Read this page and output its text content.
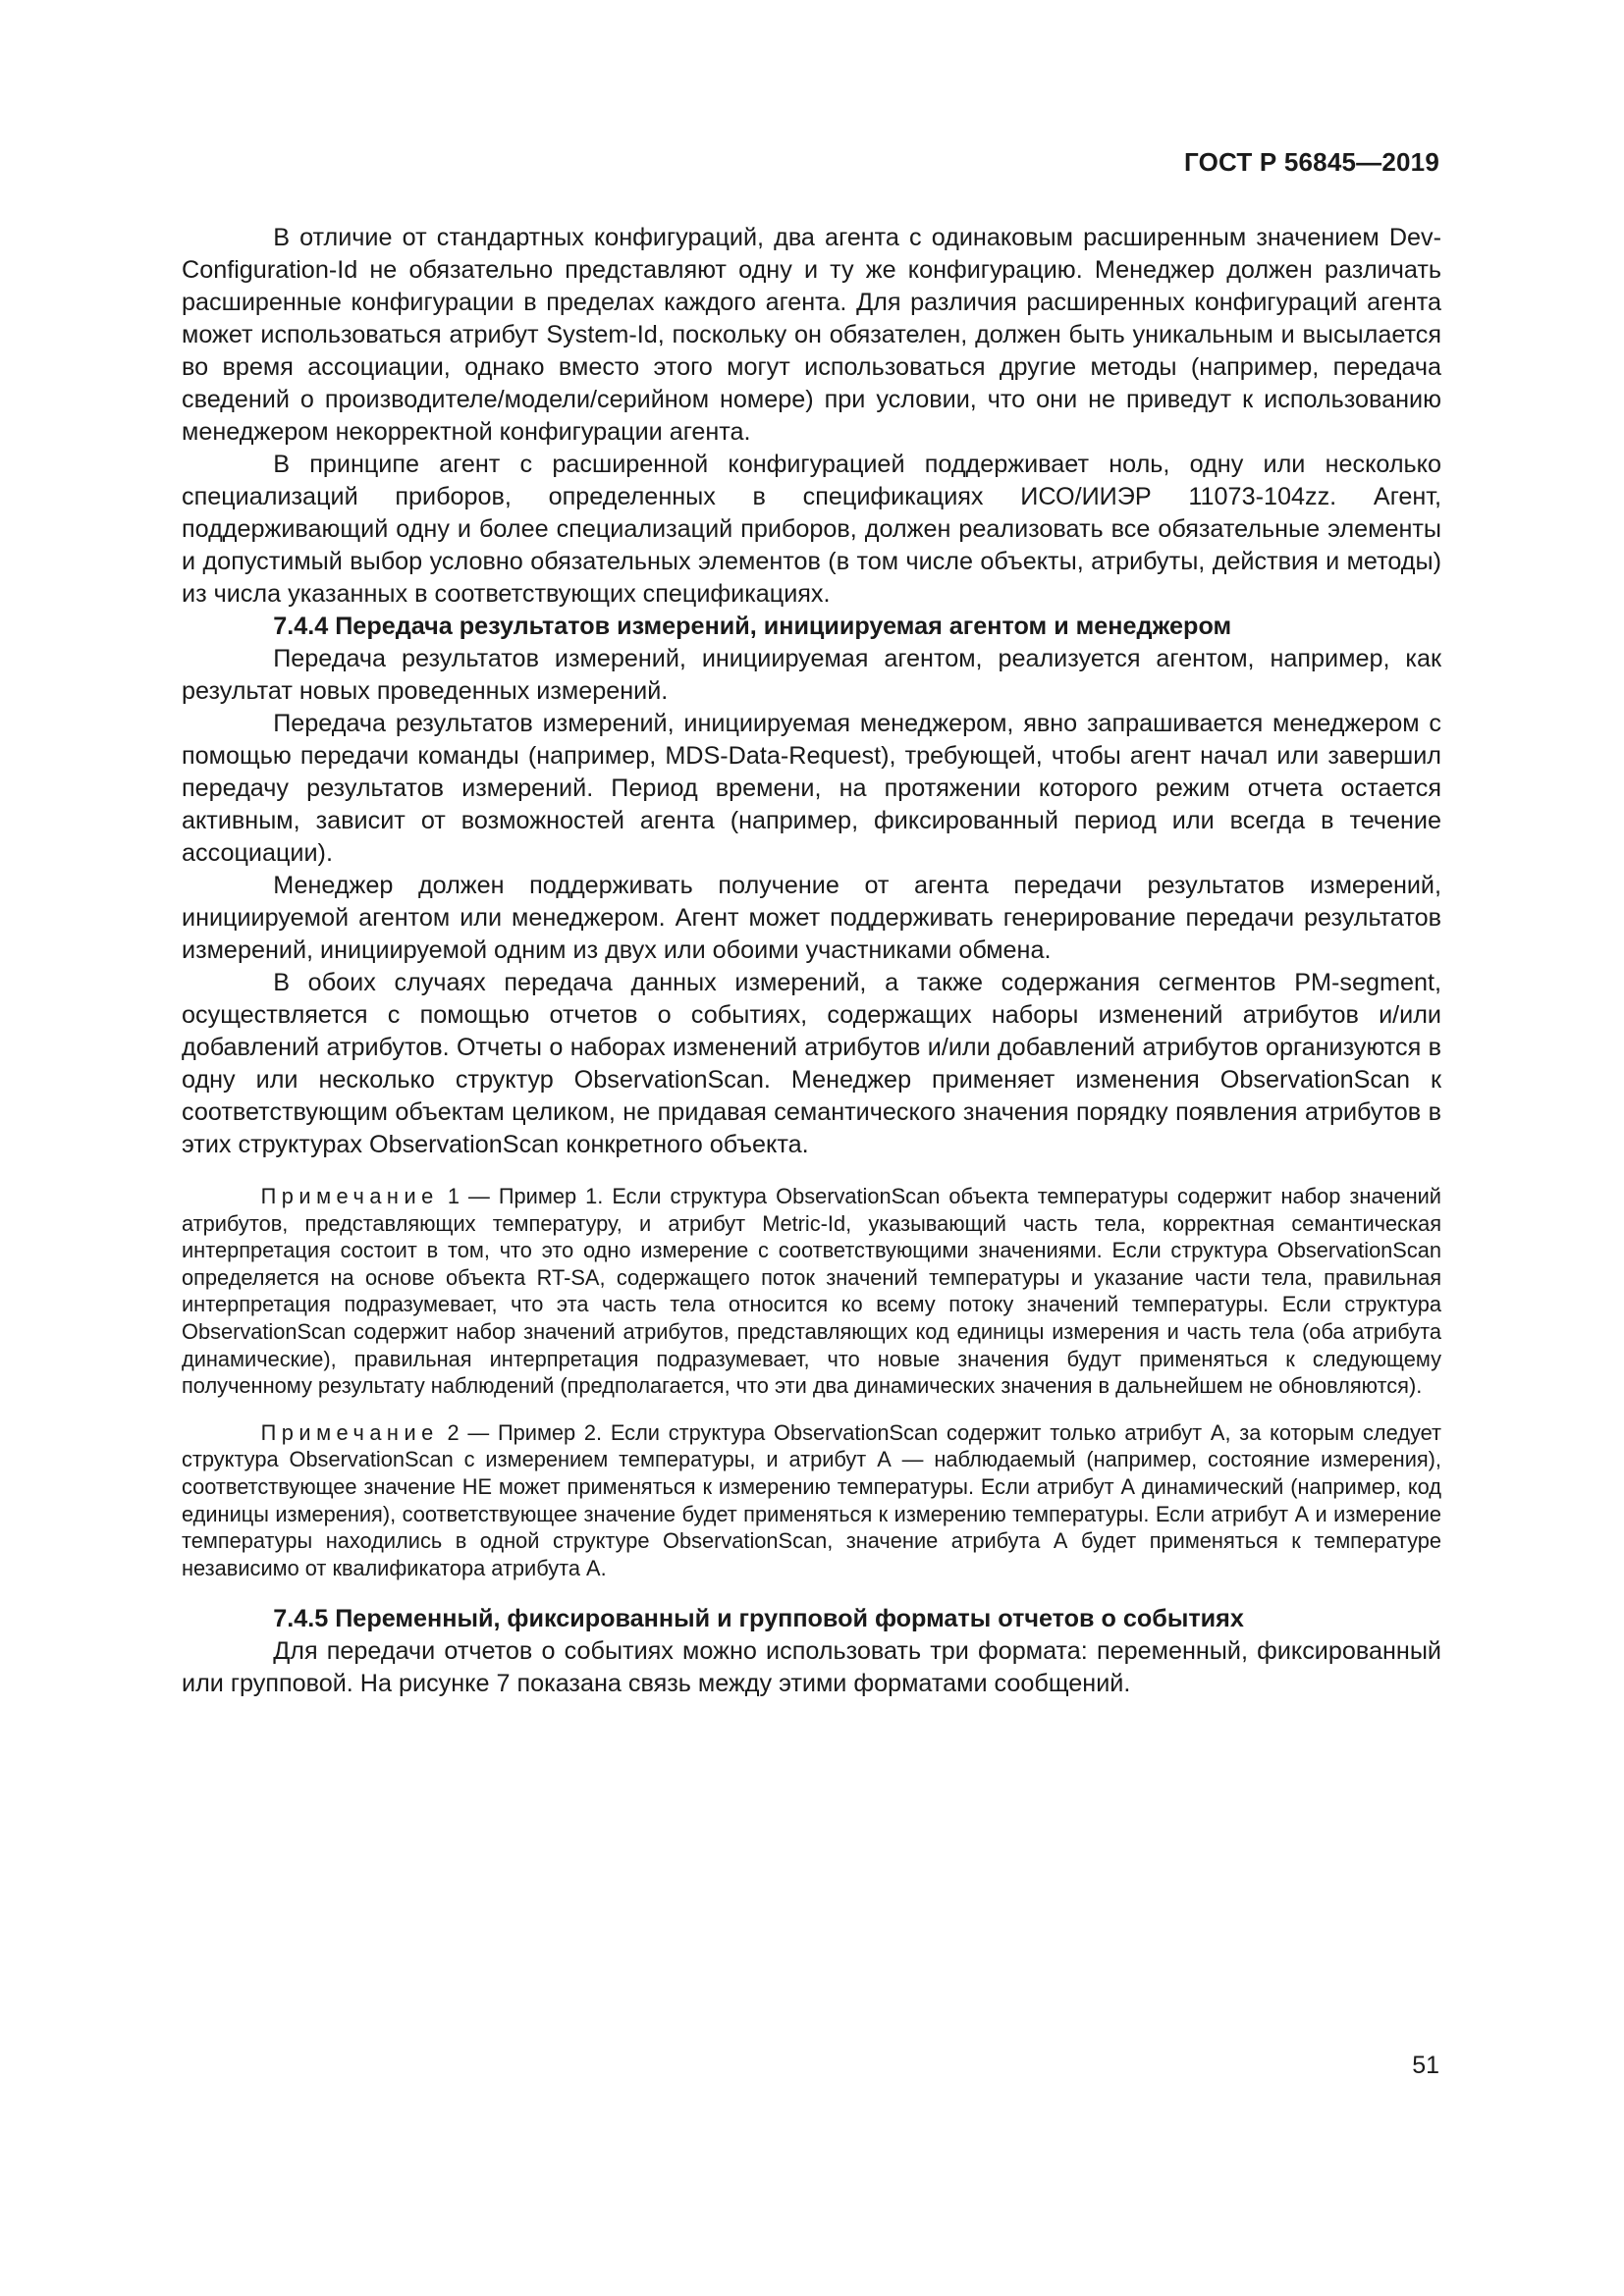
ГОСТ Р 56845—2019

В отличие от стандартных конфигураций, два агента с одинаковым расширенным значением Dev-Configuration-Id не обязательно представляют одну и ту же конфигурацию. Менеджер должен различать расширенные конфигурации в пределах каждого агента. Для различия расширенных конфигураций агента может использоваться атрибут System-Id, поскольку он обязателен, должен быть уникальным и высылается во время ассоциации, однако вместо этого могут использоваться другие методы (например, передача сведений о производителе/модели/серийном номере) при условии, что они не приведут к использованию менеджером некорректной конфигурации агента.

В принципе агент с расширенной конфигурацией поддерживает ноль, одну или несколько специализаций приборов, определенных в спецификациях ИСО/ИИЭР 11073-104zz. Агент, поддерживающий одну и более специализаций приборов, должен реализовать все обязательные элементы и допустимый выбор условно обязательных элементов (в том числе объекты, атрибуты, действия и методы) из числа указанных в соответствующих спецификациях.

7.4.4 Передача результатов измерений, инициируемая агентом и менеджером

Передача результатов измерений, инициируемая агентом, реализуется агентом, например, как результат новых проведенных измерений.

Передача результатов измерений, инициируемая менеджером, явно запрашивается менеджером с помощью передачи команды (например, MDS-Data-Request), требующей, чтобы агент начал или завершил передачу результатов измерений. Период времени, на протяжении которого режим отчета остается активным, зависит от возможностей агента (например, фиксированный период или всегда в течение ассоциации).

Менеджер должен поддерживать получение от агента передачи результатов измерений, инициируемой агентом или менеджером. Агент может поддерживать генерирование передачи результатов измерений, инициируемой одним из двух или обоими участниками обмена.

В обоих случаях передача данных измерений, а также содержания сегментов PM-segment, осуществляется с помощью отчетов о событиях, содержащих наборы изменений атрибутов и/или добавлений атрибутов. Отчеты о наборах изменений атрибутов и/или добавлений атрибутов организуются в одну или несколько структур ObservationScan. Менеджер применяет изменения ObservationScan к соответствующим объектам целиком, не придавая семантического значения порядку появления атрибутов в этих структурах ObservationScan конкретного объекта.

Примечание 1 — Пример 1. Если структура ObservationScan объекта температуры содержит набор значений атрибутов, представляющих температуру, и атрибут Metric-Id, указывающий часть тела, корректная семантическая интерпретация состоит в том, что это одно измерение с соответствующими значениями. Если структура ObservationScan определяется на основе объекта RT-SA, содержащего поток значений температуры и указание части тела, правильная интерпретация подразумевает, что эта часть тела относится ко всему потоку значений температуры. Если структура ObservationScan содержит набор значений атрибутов, представляющих код единицы измерения и часть тела (оба атрибута динамические), правильная интерпретация подразумевает, что новые значения будут применяться к следующему полученному результату наблюдений (предполагается, что эти два динамических значения в дальнейшем не обновляются).

Примечание 2 — Пример 2. Если структура ObservationScan содержит только атрибут А, за которым следует структура ObservationScan с измерением температуры, и атрибут А — наблюдаемый (например, состояние измерения), соответствующее значение НЕ может применяться к измерению температуры. Если атрибут А динамический (например, код единицы измерения), соответствующее значение будет применяться к измерению температуры. Если атрибут А и измерение температуры находились в одной структуре ObservationScan, значение атрибута А будет применяться к температуре независимо от квалификатора атрибута А.

7.4.5 Переменный, фиксированный и групповой форматы отчетов о событиях

Для передачи отчетов о событиях можно использовать три формата: переменный, фиксированный или групповой. На рисунке 7 показана связь между этими форматами сообщений.

51
